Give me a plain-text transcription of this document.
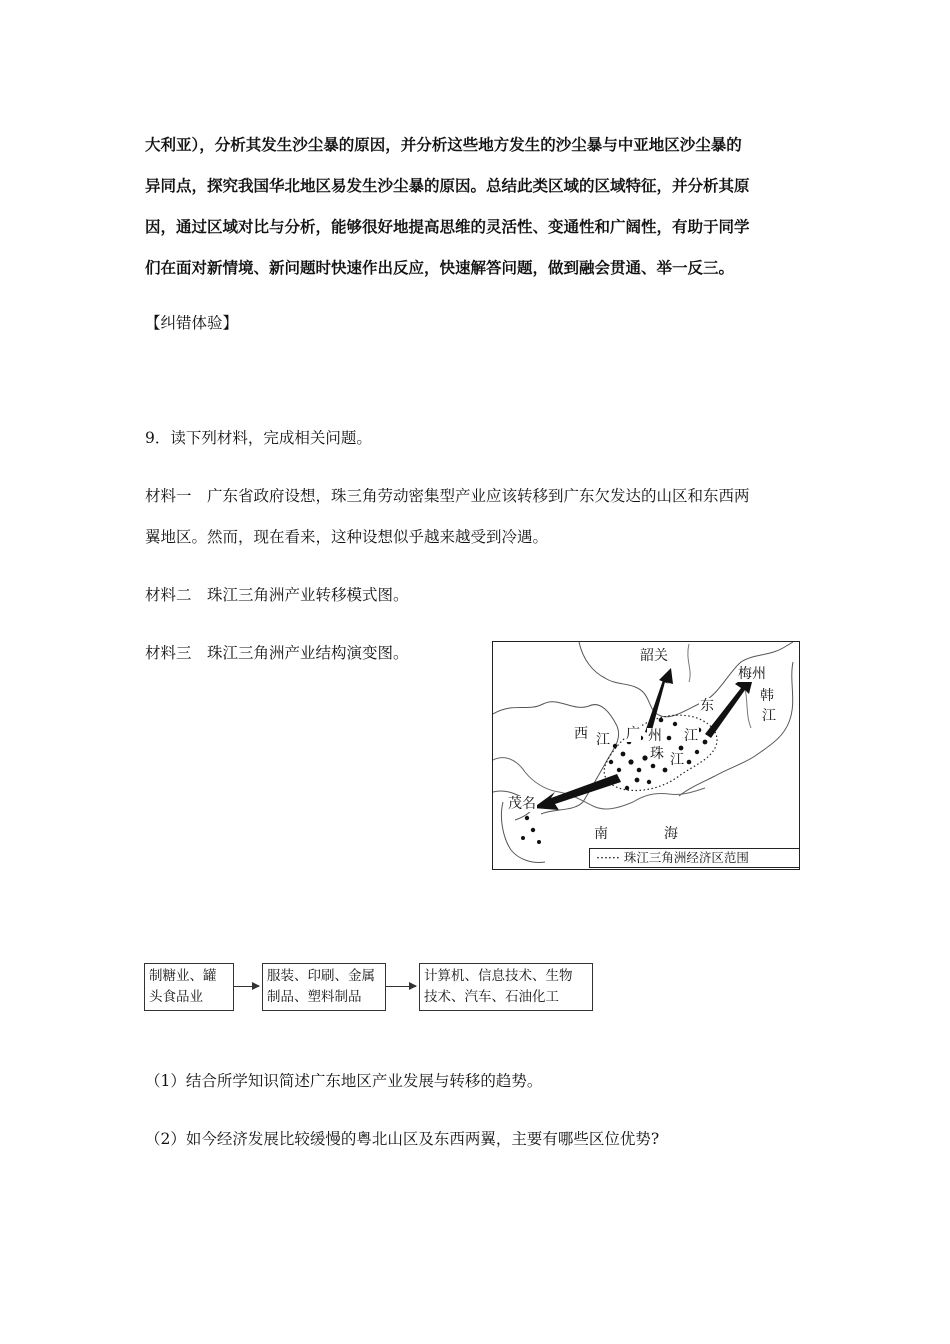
大利亚），分析其发生沙尘暴的原因，并分析这些地方发生的沙尘暴与中亚地区沙尘暴的
异同点，探究我国华北地区易发生沙尘暴的原因。总结此类区域的区域特征，并分析其原
因，通过区域对比与分析，能够很好地提高思维的灵活性、变通性和广阔性，有助于同学
们在面对新情境、新问题时快速作出反应，快速解答问题，做到融会贯通、举一反三。

【纠错体验】

9．读下列材料，完成相关问题。

材料一　广东省政府设想，珠三角劳动密集型产业应该转移到广东欠发达的山区和东西两

翼地区。然而，现在看来，这种设想似乎越来越受到冷遇。

材料二　珠江三角洲产业转移模式图。

材料三　珠江三角洲产业结构演变图。	韶关
梅州
韩
江
东
江
西 江 广 州
珠 江
茂名
南	海
······ 珠江三角洲经济区范围
制糖业、罐
头食品业
服装、印刷、金属
制品、塑料制品
计算机、信息技术、生物
技术、汽车、石油化工

（1）结合所学知识简述广东地区产业发展与转移的趋势。

（2）如今经济发展比较缓慢的粤北山区及东西两翼，主要有哪些区位优势?
